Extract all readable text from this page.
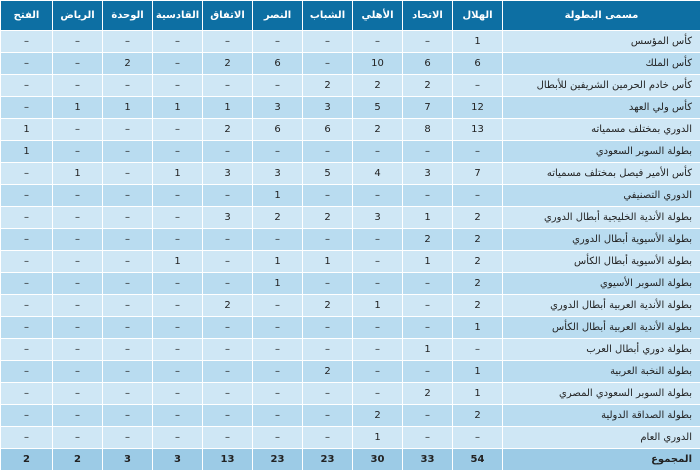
مسمى البطولة	الهلال	الاتحاد	الأهلي	الشباب	النصر	الاتفاق	القادسية	الوحدة	الرياض	الفتح
كأس المؤسس	1	–	–	–	–	–	–	–	–	–
كأس الملك	6	6	10	–	6	2	–	2	–	–
كأس خادم الحرمين الشريفين للأبطال	–	2	2	2	–	–	–	–	–	–
كأس ولي العهد	12	7	5	3	3	1	1	1	1	–
الدوري بمختلف مسمياته	13	8	2	6	6	2	–	–	–	1
بطولة السوبر السعودي	–	–	–	–	–	–	–	–	–	1
كأس الأمير فيصل بمختلف مسمياته	7	3	4	5	3	3	1	–	1	–
الدوري التصنيفي	–	–	–	–	1	–	–	–	–	–
بطولة الأندية الخليجية أبطال الدوري	2	1	3	2	2	3	–	–	–	–
بطولة الأسيوية أبطال الدوري	2	2	–	–	–	–	–	–	–	–
بطولة الأسيوية أبطال الكأس	2	1	–	1	1	–	1	–	–	–
بطولة السوبر الأسيوي	2	–	–	–	1	–	–	–	–	–
بطولة الأندية العربية أبطال الدوري	2	–	1	2	–	2	–	–	–	–
بطولة الأندية العربية أبطال الكأس	1	–	–	–	–	–	–	–	–	–
بطولة دوري أبطال العرب	–	1	–	–	–	–	–	–	–	–
بطولة النخبة العربية	1	–	–	2	–	–	–	–	–	–
بطولة السوبر السعودي المصري	1	2	–	–	–	–	–	–	–	–
بطولة الصداقة الدولية	2	–	2	–	–	–	–	–	–	–
الدوري العام	–	–	1	–	–	–	–	–	–	–
المجموع	54	33	30	23	23	13	3	3	2	2
